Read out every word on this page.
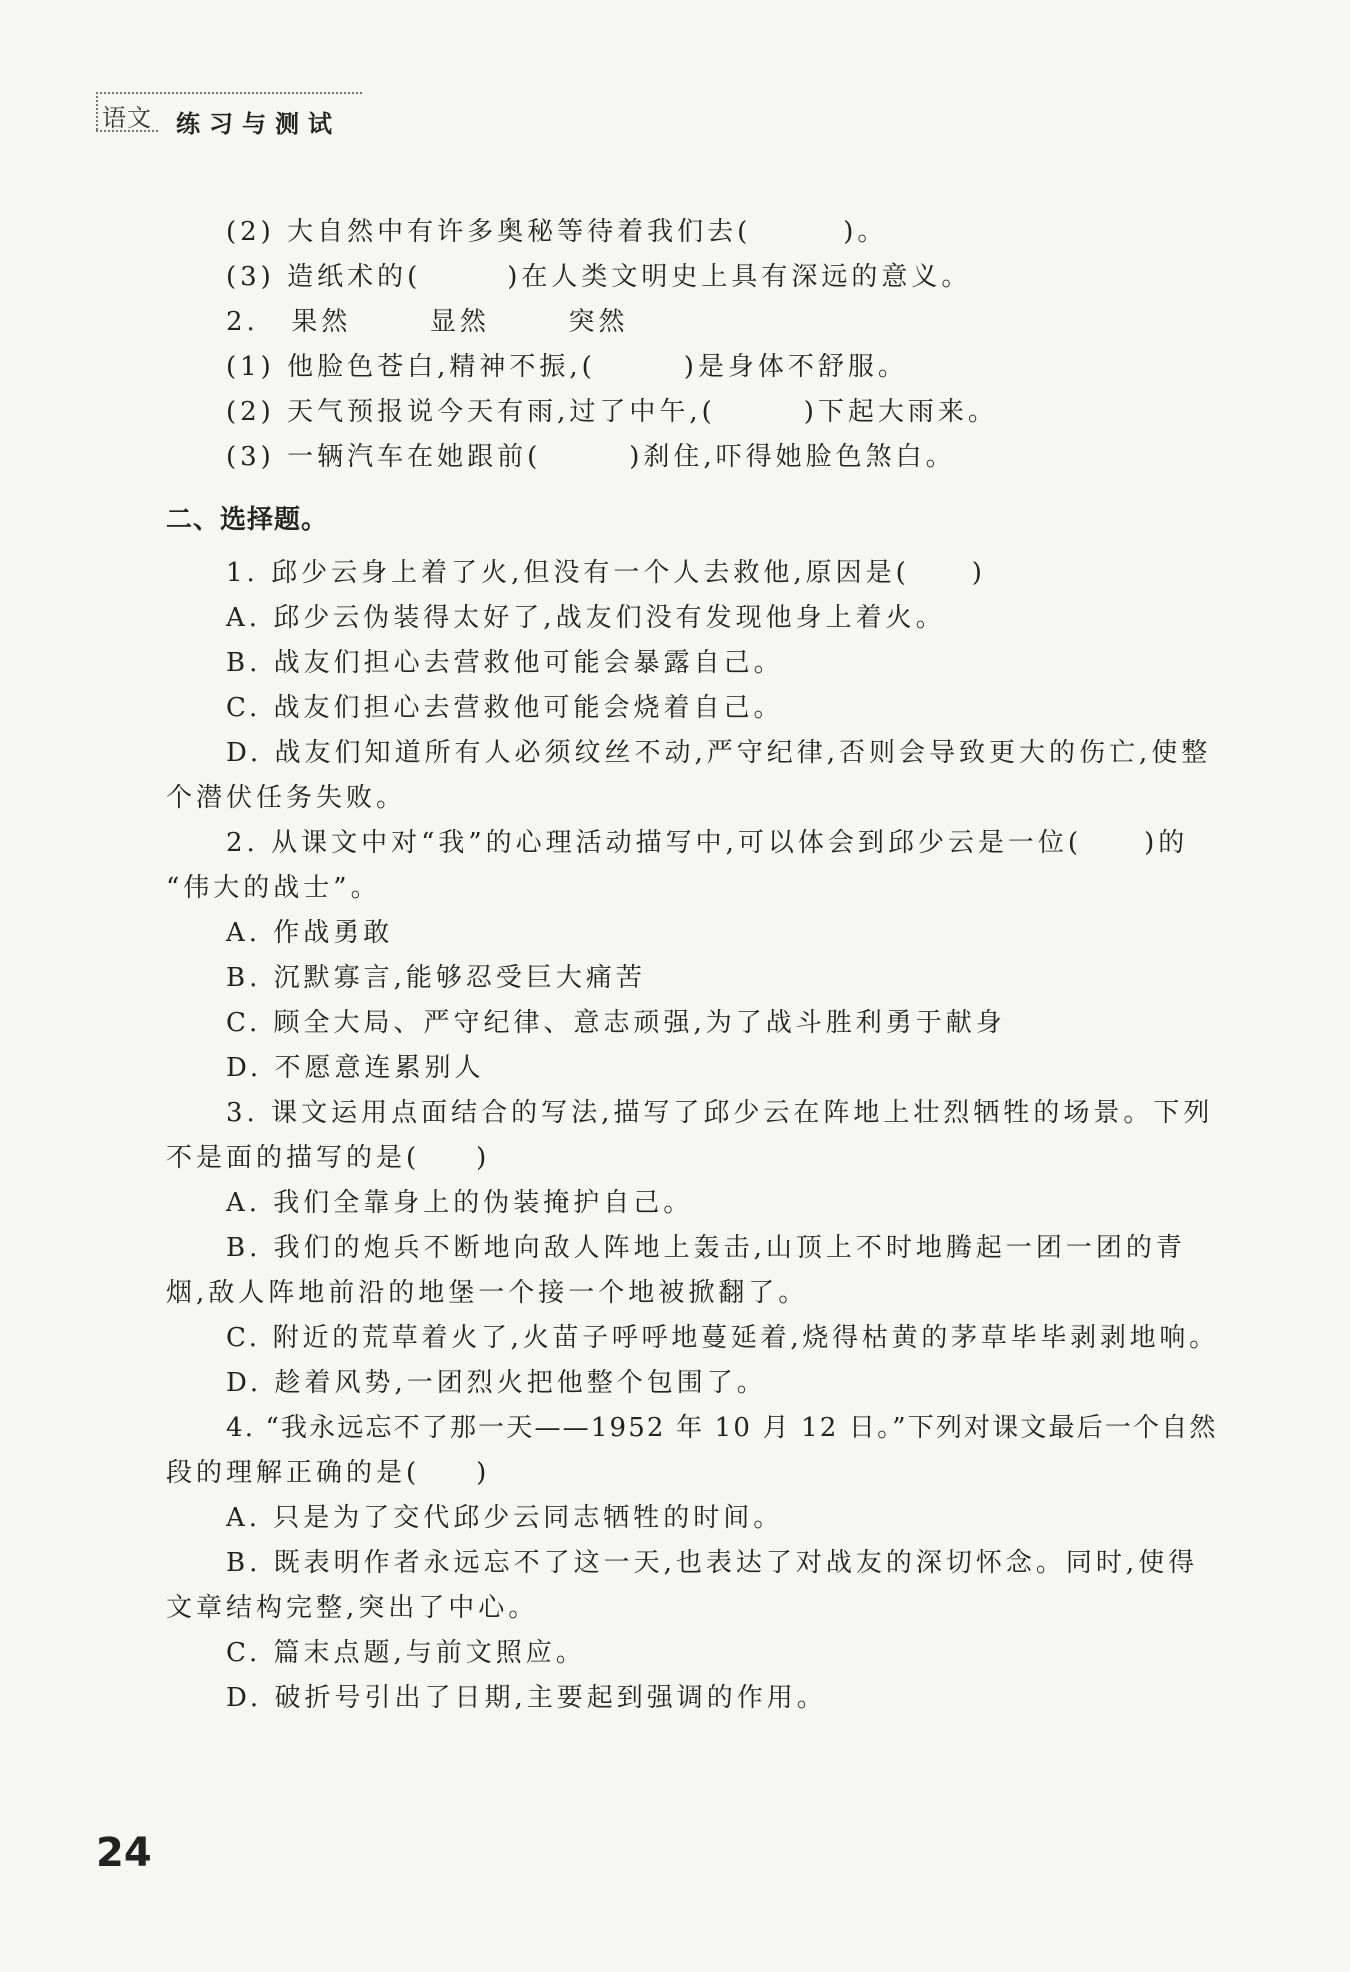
语文 练习与测试
(2) 大自然中有许多奥秘等待着我们去(	)。
(3) 造纸术的(	)在人类文明史上具有深远的意义。
2. 果然	显然	突然
(1) 他脸色苍白,精神不振,(	)是身体不舒服。
(2) 天气预报说今天有雨,过了中午,(	)下起大雨来。
(3) 一辆汽车在她跟前(	)刹住,吓得她脸色煞白。
二、选择题。
1. 邱少云身上着了火,但没有一个人去救他,原因是( )
A. 邱少云伪装得太好了,战友们没有发现他身上着火。
B. 战友们担心去营救他可能会暴露自己。
C. 战友们担心去营救他可能会烧着自己。
D. 战友们知道所有人必须纹丝不动,严守纪律,否则会导致更大的伤亡,使整
个潜伏任务失败。
2. 从课文中对“我”的心理活动描写中,可以体会到邱少云是一位( )的
“伟大的战士”。
A. 作战勇敢
B. 沉默寡言,能够忍受巨大痛苦
C. 顾全大局、严守纪律、意志顽强,为了战斗胜利勇于献身
D. 不愿意连累别人
3. 课文运用点面结合的写法,描写了邱少云在阵地上壮烈牺牲的场景。下列
不是面的描写的是( )
A. 我们全靠身上的伪装掩护自己。
B. 我们的炮兵不断地向敌人阵地上轰击,山顶上不时地腾起一团一团的青
烟,敌人阵地前沿的地堡一个接一个地被掀翻了。
C. 附近的荒草着火了,火苗子呼呼地蔓延着,烧得枯黄的茅草毕毕剥剥地响。
D. 趁着风势,一团烈火把他整个包围了。
4. “我永远忘不了那一天——1952 年 10 月 12 日。”下列对课文最后一个自然
段的理解正确的是( )
A. 只是为了交代邱少云同志牺牲的时间。
B. 既表明作者永远忘不了这一天,也表达了对战友的深切怀念。同时,使得
文章结构完整,突出了中心。
C. 篇末点题,与前文照应。
D. 破折号引出了日期,主要起到强调的作用。
24
